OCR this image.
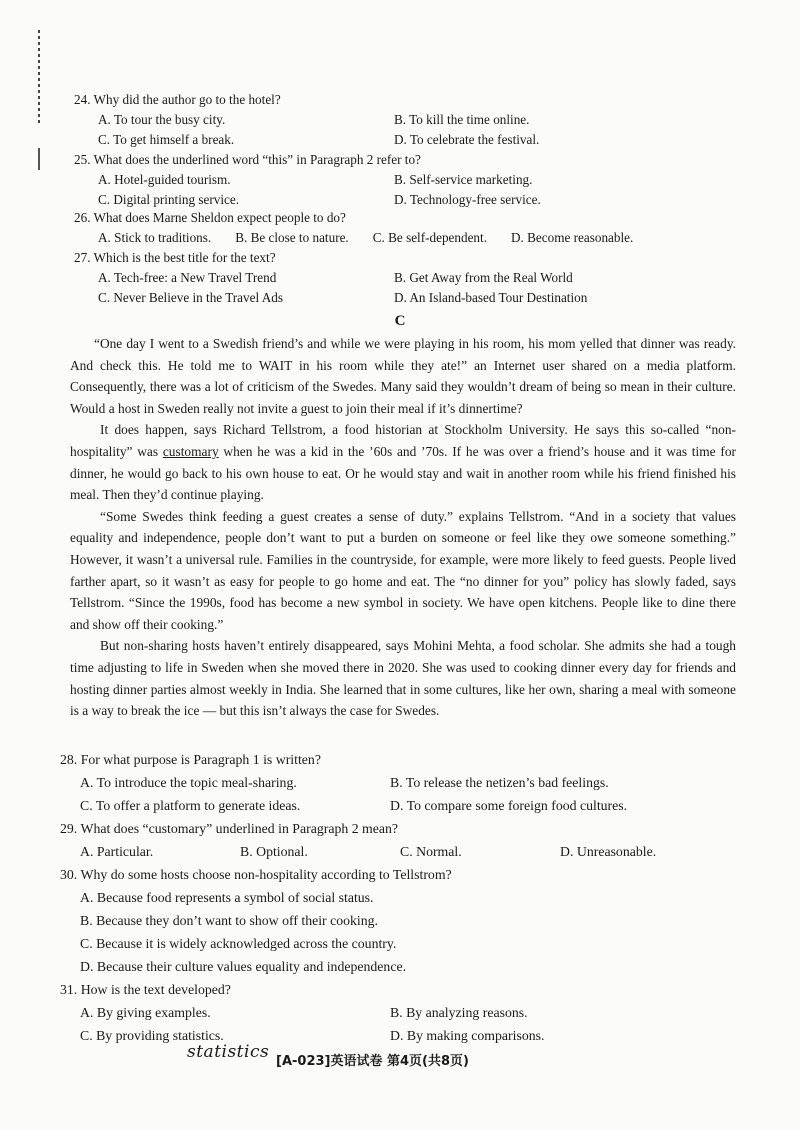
24. Why did the author go to the hotel?
A. To tour the busy city.	B. To kill the time online.
C. To get himself a break.	D. To celebrate the festival.
25. What does the underlined word “this” in Paragraph 2 refer to?
A. Hotel-guided tourism.	B. Self-service marketing.
C. Digital printing service.	D. Technology-free service.
26. What does Marne Sheldon expect people to do?
A. Stick to traditions. B. Be close to nature. C. Be self-dependent. D. Become reasonable.
27. Which is the best title for the text?
A. Tech-free: a New Travel Trend	B. Get Away from the Real World
C. Never Believe in the Travel Ads	D. An Island-based Tour Destination
C

“One day I went to a Swedish friend’s and while we were playing in his room, his mom yelled that dinner was ready. And check this. He told me to WAIT in his room while they ate!” an Internet user shared on a media platform. Consequently, there was a lot of criticism of the Swedes. Many said they wouldn’t dream of being so mean in their culture. Would a host in Sweden really not invite a guest to join their meal if it’s dinnertime?

It does happen, says Richard Tellstrom, a food historian at Stockholm University. He says this so-called “non-hospitality” was customary when he was a kid in the ’60s and ’70s. If he was over a friend’s house and it was time for dinner, he would go back to his own house to eat. Or he would stay and wait in another room while his friend finished his meal. Then they’d continue playing.

“Some Swedes think feeding a guest creates a sense of duty.” explains Tellstrom. “And in a society that values equality and independence, people don’t want to put a burden on someone or feel like they owe someone something.” However, it wasn’t a universal rule. Families in the countryside, for example, were more likely to feed guests. People lived farther apart, so it wasn’t as easy for people to go home and eat. The “no dinner for you” policy has slowly faded, says Tellstrom. “Since the 1990s, food has become a new symbol in society. We have open kitchens. People like to dine there and show off their cooking.”

But non-sharing hosts haven’t entirely disappeared, says Mohini Mehta, a food scholar. She admits she had a tough time adjusting to life in Sweden when she moved there in 2020. She was used to cooking dinner every day for friends and hosting dinner parties almost weekly in India. She learned that in some cultures, like her own, sharing a meal with someone is a way to break the ice — but this isn’t always the case for Swedes.

28. For what purpose is Paragraph 1 is written?
A. To introduce the topic meal-sharing.	B. To release the netizen’s bad feelings.
C. To offer a platform to generate ideas.	D. To compare some foreign food cultures.
29. What does “customary” underlined in Paragraph 2 mean?
A. Particular.	B. Optional.	C. Normal.	D. Unreasonable.
30. Why do some hosts choose non-hospitality according to Tellstrom?
A. Because food represents a symbol of social status.
B. Because they don’t want to show off their cooking.
C. Because it is widely acknowledged across the country.
D. Because their culture values equality and independence.
31. How is the text developed?
A. By giving examples.	B. By analyzing reasons.
C. By providing statistics.	D. By making comparisons.
statistics [A-023]英语试卷 第4页(共8页)
